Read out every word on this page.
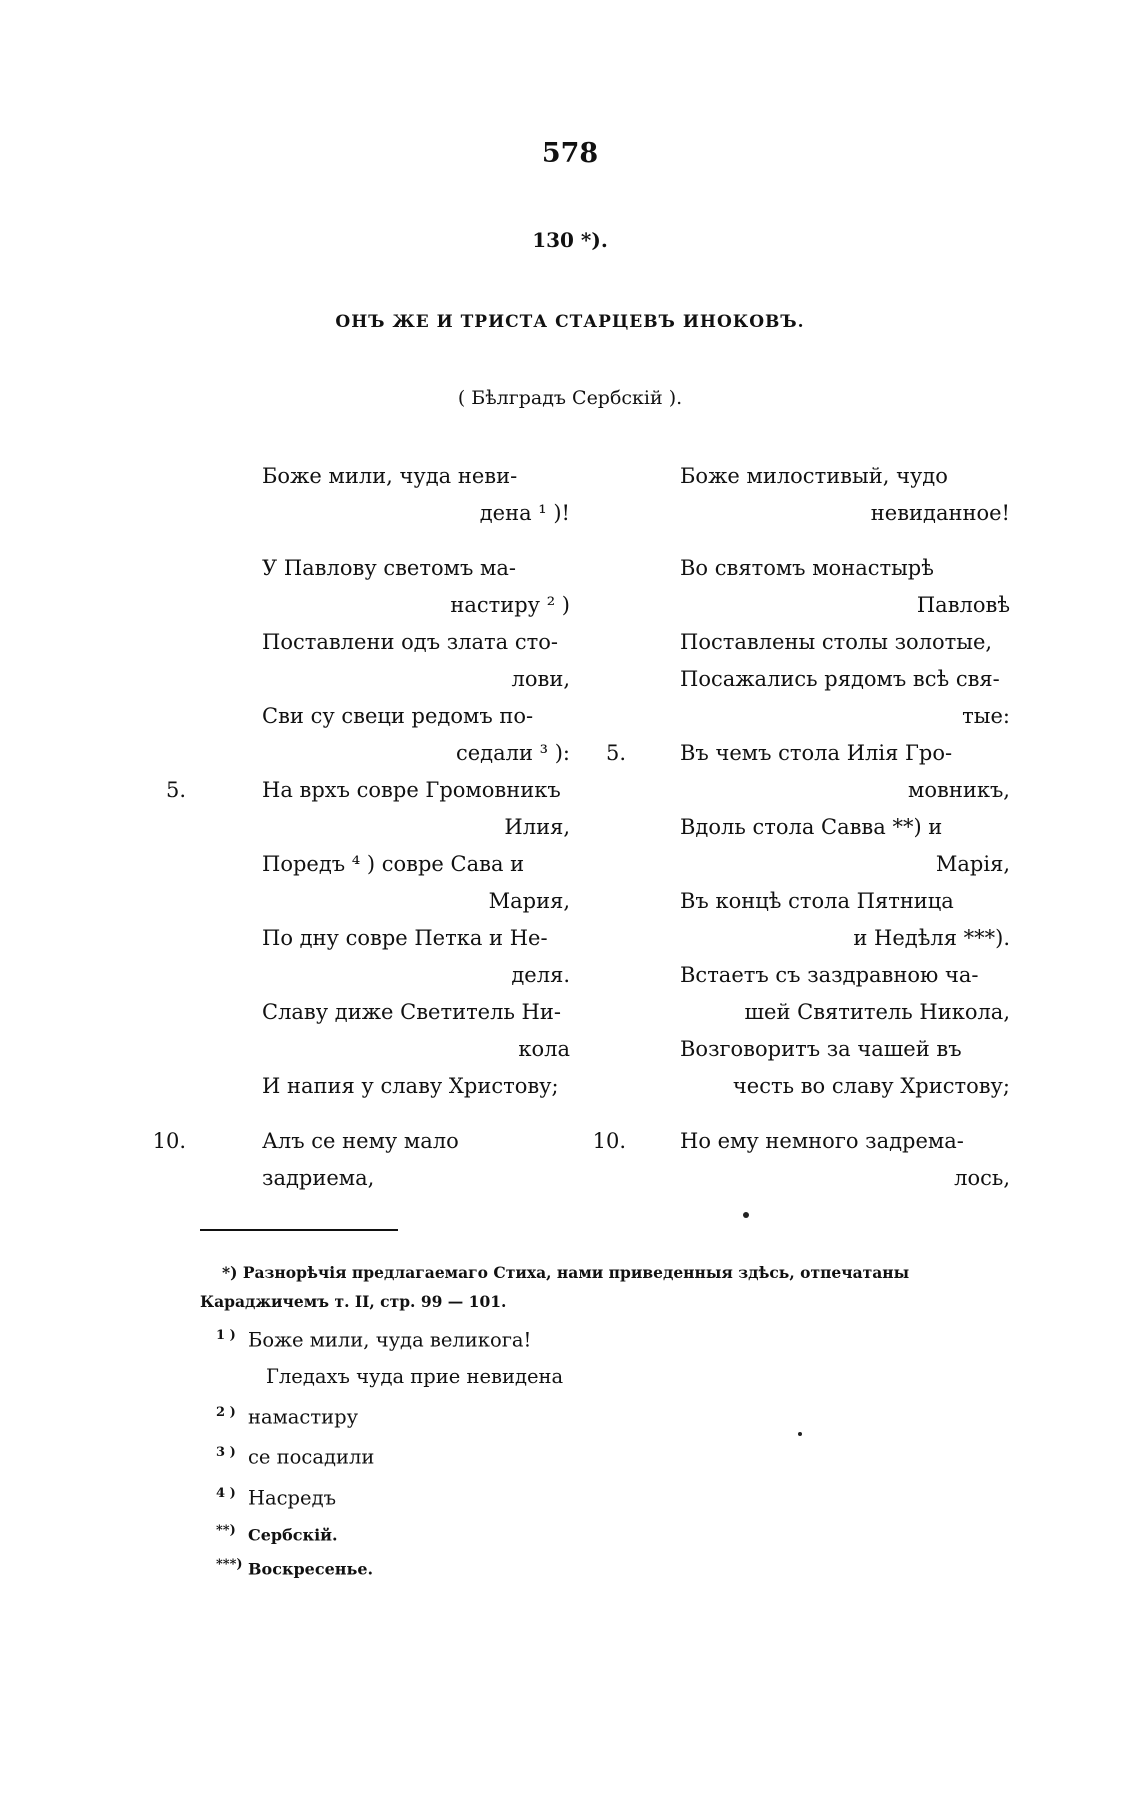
578
130 *).
ОНЪ ЖЕ И ТРИСТА СТАРЦЕВЪ ИНОКОВЪ.
( Бѣлградъ Сербскій ).
Боже мили, чуда неви-
дена ¹ )!
У Павлову светомъ ма-
настиру ² )
Поставлени одъ злата сто-
лови,
Сви су свеци редомъ по-
седали ³ ):
5.	На врхъ совре Громовникъ
Илия,
Поредъ ⁴ ) совре Сава и
Мария,
По дну совре Петка и Не-
деля.
Славу диже Светитель Ни-
кола
И напия у славу Христову;
10.	Алъ се нему мало задриема,
Боже милостивый, чудо
невиданное!
Во святомъ монастырѣ
Павловѣ
Поставлены столы золотые,
Посажались рядомъ всѣ свя-
тые:
5.	Въ чемъ стола Илія Гро-
мовникъ,
Вдоль стола Савва **) и
Марія,
Въ концѣ стола Пятница
и Недѣля ***).
Встаетъ съ заздравною ча-
шей Святитель Никола,
Возговоритъ за чашей въ
честь во славу Христову;
10.	Но ему немного задрема-
лось,
*) Разнорѣчія предлагаемаго Стиха, нами приведенныя здѣсь, отпечатаны Караджичемъ т. II, стр. 99 — 101.
1 ) Боже мили, чуда великога!
Гледахъ чуда прие невидена
2 ) намастиру
3 ) се посадили
4 ) Насредъ
**) Сербскій.
***) Воскресенье.
